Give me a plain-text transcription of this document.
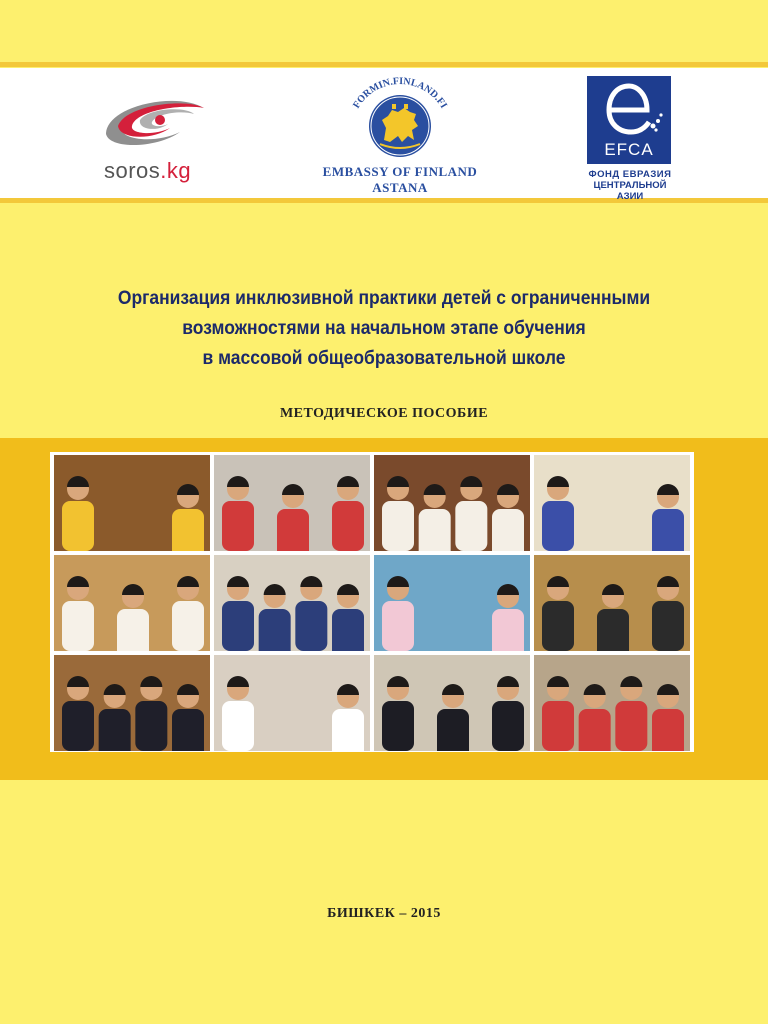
soros.kg
FORMIN.FINLAND.FI
EMBASSY OF FINLAND
ASTANA
EFCA
ФОНД ЕВРАЗИЯ
ЦЕНТРАЛЬНОЙ АЗИИ
Организация инклюзивной практики детей с ограниченными
возможностями на начальном этапе обучения
в массовой общеобразовательной школе
МЕТОДИЧЕСКОЕ ПОСОБИЕ
БИШКЕК – 2015
